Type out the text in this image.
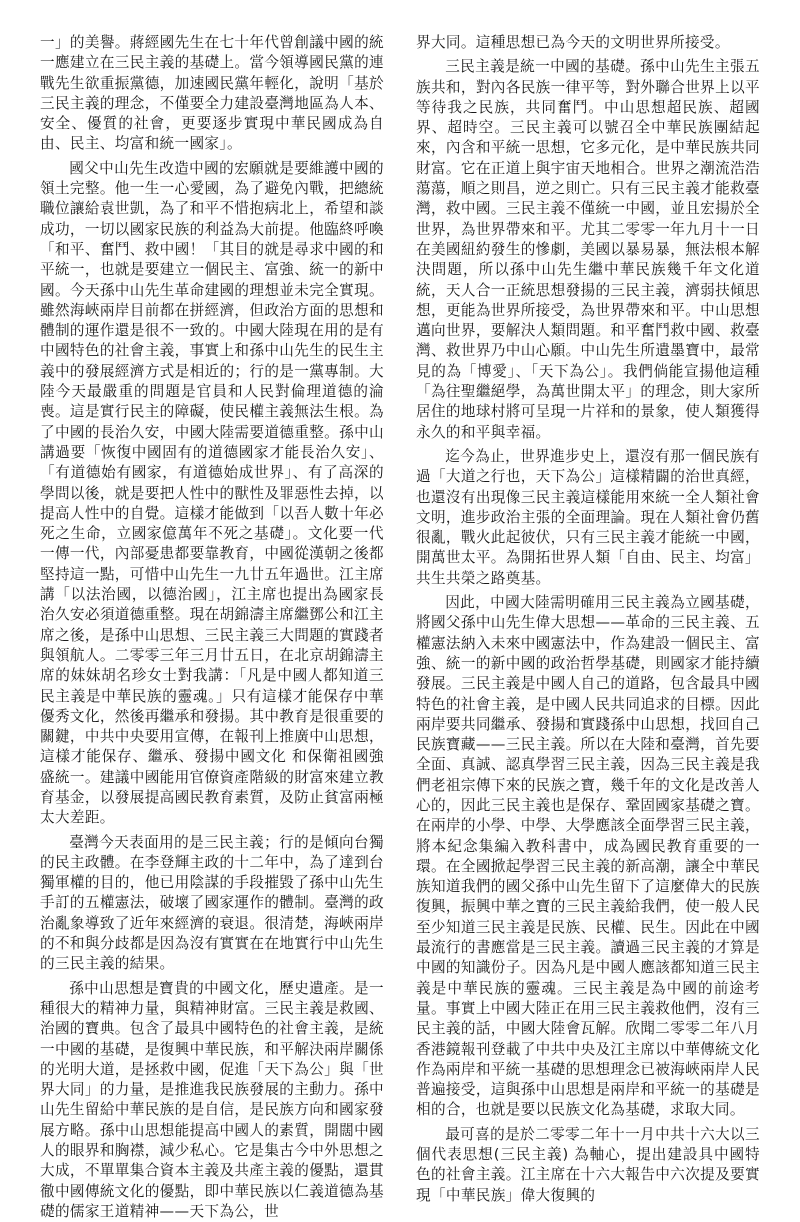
一」的美譽。蔣經國先生在七十年代曾創議中國的統一應建立在三民主義的基礎上。當今領導國民黨的連戰先生欲重振黨德，加速國民黨年輕化，說明「基於三民主義的理念，不僅要全力建設臺灣地區為人本、安全、優質的社會，更要逐步實現中華民國成為自由、民主、均富和統一國家」。

國父中山先生改造中國的宏願就是要維護中國的領土完整。他一生一心愛國，為了避免內戰，把總統職位讓給袁世凱，為了和平不惜抱病北上，希望和談成功，一切以國家民族的利益為大前提。他臨終呼喚「和平、奮鬥、救中國！「其目的就是尋求中國的和平統一，也就是要建立一個民主、富強、統一的新中國。今天孫中山先生革命建國的理想並未完全實現。雖然海峽兩岸目前都在拼經濟，但政治方面的思想和體制的運作還是很不一致的。中國大陸現在用的是有中國特色的社會主義，事實上和孫中山先生的民生主義中的發展經濟方式是相近的；行的是一黨專制。大陸今天最嚴重的問題是官員和人民對倫理道德的淪喪。這是實行民主的障礙，使民權主義無法生根。為了中國的長治久安，中國大陸需要道德重整。孫中山講過要「恢復中國固有的道德國家才能長治久安」、「有道德始有國家，有道德始成世界」、有了高深的學問以後，就是要把人性中的獸性及罪惡性去掉，以提高人性中的自覺。這樣才能做到「以吾人數十年必死之生命，立國家億萬年不死之基礎」。文化要一代一傳一代，內部憂患都要靠教育，中國從漢朝之後都堅持這一點，可惜中山先生一九廿五年過世。江主席講「以法治國，以德治國」，江主席也提出為國家長治久安必須道德重整。現在胡錦濤主席繼鄧公和江主席之後，是孫中山思想、三民主義三大問題的實踐者與領航人。二零零三年三月廿五日，在北京胡錦濤主席的妹妹胡名珍女士對我講：「凡是中國人都知道三民主義是中華民族的靈魂。」只有這樣才能保存中華優秀文化，然後再繼承和發揚。其中教育是很重要的關鍵，中共中央要用宣傳，在報刊上推廣中山思想，這樣才能保存、繼承、發揚中國文化 和保衛祖國強盛統一。建議中國能用官僚資產階級的財富來建立教育基金，以發展提高國民教育素質，及防止貧富兩極太大差距。

臺灣今天表面用的是三民主義；行的是傾向台獨的民主政體。在李登輝主政的十二年中，為了達到台獨軍權的目的，他已用陰謀的手段摧毀了孫中山先生手訂的五權憲法，破壞了國家運作的體制。臺灣的政治亂象導致了近年來經濟的衰退。很清楚，海峽兩岸的不和與分歧都是因為沒有實實在在地實行中山先生的三民主義的結果。

孫中山思想是寶貴的中國文化，歷史遺產。是一種很大的精神力量，與精神財富。三民主義是救國、治國的寶典。包含了最具中國特色的社會主義，是統一中國的基礎，是復興中華民族，和平解決兩岸關係的光明大道，是拯救中國，促進「天下為公」與「世界大同」的力量，是推進我民族發展的主動力。孫中山先生留給中華民族的是自信，是民族方向和國家發展方略。孫中山思想能提高中國人的素質，開闊中國人的眼界和胸襟，減少私心。它是集古今中外思想之大成，不單單集合資本主義及共產主義的優點，還貫徹中國傳統文化的優點，即中華民族以仁義道德為基礎的儒家王道精神——天下為公，世

界大同。這種思想已為今天的文明世界所接受。

三民主義是統一中國的基礎。孫中山先生主張五族共和，對內各民族一律平等，對外聯合世界上以平等待我之民族，共同奮鬥。中山思想超民族、超國界、超時空。三民主義可以號召全中華民族團結起來，內含和平統一思想，它多元化，是中華民族共同財富。它在正道上與宇宙天地相合。世界之潮流浩浩蕩蕩，順之則昌，逆之則亡。只有三民主義才能救臺灣，救中國。三民主義不僅統一中國，並且宏揚於全世界，為世界帶來和平。尤其二零零一年九月十一日在美國紐約發生的慘劇，美國以暴易暴，無法根本解決問題，所以孫中山先生繼中華民族幾千年文化道統，天人合一正統思想發揚的三民主義，濟弱扶傾思想，更能為世界所接受，為世界帶來和平。中山思想邁向世界，要解決人類問題。和平奮鬥救中國、救臺灣、救世界乃中山心願。中山先生所遺墨寶中，最常見的為「博愛」、「天下為公」。我們倘能宣揚他這種「為往聖繼絕學，為萬世開太平」的理念，則大家所居住的地球村將可呈現一片祥和的景象，使人類獲得永久的和平與幸福。

迄今為止，世界進步史上，還沒有那一個民族有過「大道之行也，天下為公」這樣精闢的治世真經，也還沒有出現像三民主義這樣能用來統一全人類社會文明，進步政治主張的全面理論。現在人類社會仍舊很亂，戰火此起彼伏，只有三民主義才能統一中國，開萬世太平。為開拓世界人類「自由、民主、均富」共生共榮之路奠基。

因此，中國大陸需明確用三民主義為立國基礎，將國父孫中山先生偉大思想——革命的三民主義、五權憲法納入未來中國憲法中，作為建設一個民主、富強、統一的新中國的政治哲學基礎，則國家才能持續發展。三民主義是中國人自己的道路，包含最具中國特色的社會主義，是中國人民共同追求的目標。因此兩岸要共同繼承、發揚和實踐孫中山思想，找回自己民族寶藏——三民主義。所以在大陸和臺灣，首先要全面、真誠、認真學習三民主義，因為三民主義是我們老祖宗傳下來的民族之寶，幾千年的文化是改善人心的，因此三民主義也是保存、鞏固國家基礎之寶。在兩岸的小學、中學、大學應該全面學習三民主義，將本紀念集編入教科書中，成為國民教育重要的一環。在全國掀起學習三民主義的新高潮，讓全中華民族知道我們的國父孫中山先生留下了這麼偉大的民族復興，振興中華之寶的三民主義給我們，使一般人民至少知道三民主義是民族、民權、民生。因此在中國最流行的書應當是三民主義。讀過三民主義的才算是中國的知識份子。因為凡是中國人應該都知道三民主義是中華民族的靈魂。三民主義是為中國的前途考量。事實上中國大陸正在用三民主義救他們，沒有三民主義的話，中國大陸會瓦解。欣聞二零零二年八月香港鏡報刊登載了中共中央及江主席以中華傳統文化作為兩岸和平統一基礎的思想理念已被海峽兩岸人民普遍接受，這與孫中山思想是兩岸和平統一的基礎是相的合，也就是要以民族文化為基礎，求取大同。

最可喜的是於二零零二年十一月中共十六大以三個代表思想(三民主義) 為軸心，提出建設具中國特色的社會主義。江主席在十六大報告中六次提及要實現「中華民族」偉大復興的
